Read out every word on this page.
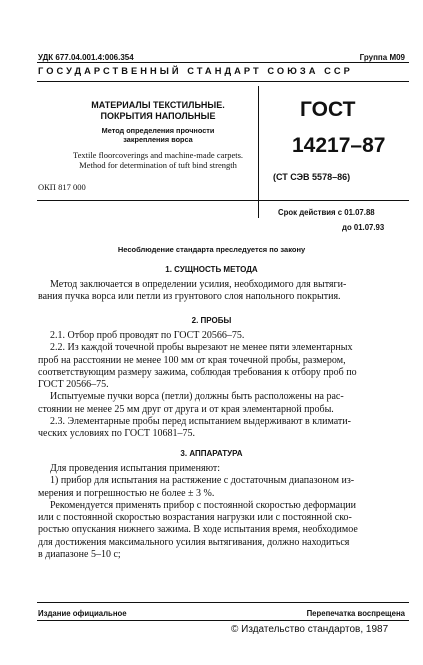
УДК 677.04.001.4:006.354	Группа М09
ГОСУДАРСТВЕННЫЙ СТАНДАРТ СОЮЗА ССР
МАТЕРИАЛЫ ТЕКСТИЛЬНЫЕ.
ПОКРЫТИЯ НАПОЛЬНЫЕ
Метод определения прочности
закрепления ворса
Textile floorcoverings and machine-made carpets.
Method for determination of tuft bind strength
ОКП 817 000
ГОСТ
14217–87
(СТ СЭВ 5578–86)
Срок действия с 01.07.88
до 01.07.93
Несоблюдение стандарта преследуется по закону
1. СУЩНОСТЬ МЕТОДА
Метод заключается в определении усилия, необходимого для вытяги-
вания пучка ворса или петли из грунтового слоя напольного покрытия.
2. ПРОБЫ
2.1. Отбор проб проводят по ГОСТ 20566–75.
2.2. Из каждой точечной пробы вырезают не менее пяти элементарных
проб на расстоянии не менее 100 мм от края точечной пробы, размером,
соответствующим размеру зажима, соблюдая требования к отбору проб по
ГОСТ 20566–75.
Испытуемые пучки ворса (петли) должны быть расположены на рас-
стоянии не менее 25 мм друг от друга и от края элементарной пробы.
2.3. Элементарные пробы перед испытанием выдерживают в климати-
ческих условиях по ГОСТ 10681–75.
3. АППАРАТУРА
Для проведения испытания применяют:
1) прибор для испытания на растяжение с достаточным диапазоном из-
мерения и погрешностью не более ± 3 %.
Рекомендуется применять прибор с постоянной скоростью деформации
или с постоянной скоростью возрастания нагрузки или с постоянной ско-
ростью опускания нижнего зажима. В ходе испытания время, необходимое
для достижения максимального усилия вытягивания, должно находиться
в диапазоне 5–10 с;
Издание официальное	Перепечатка воспрещена
© Издательство стандартов, 1987
